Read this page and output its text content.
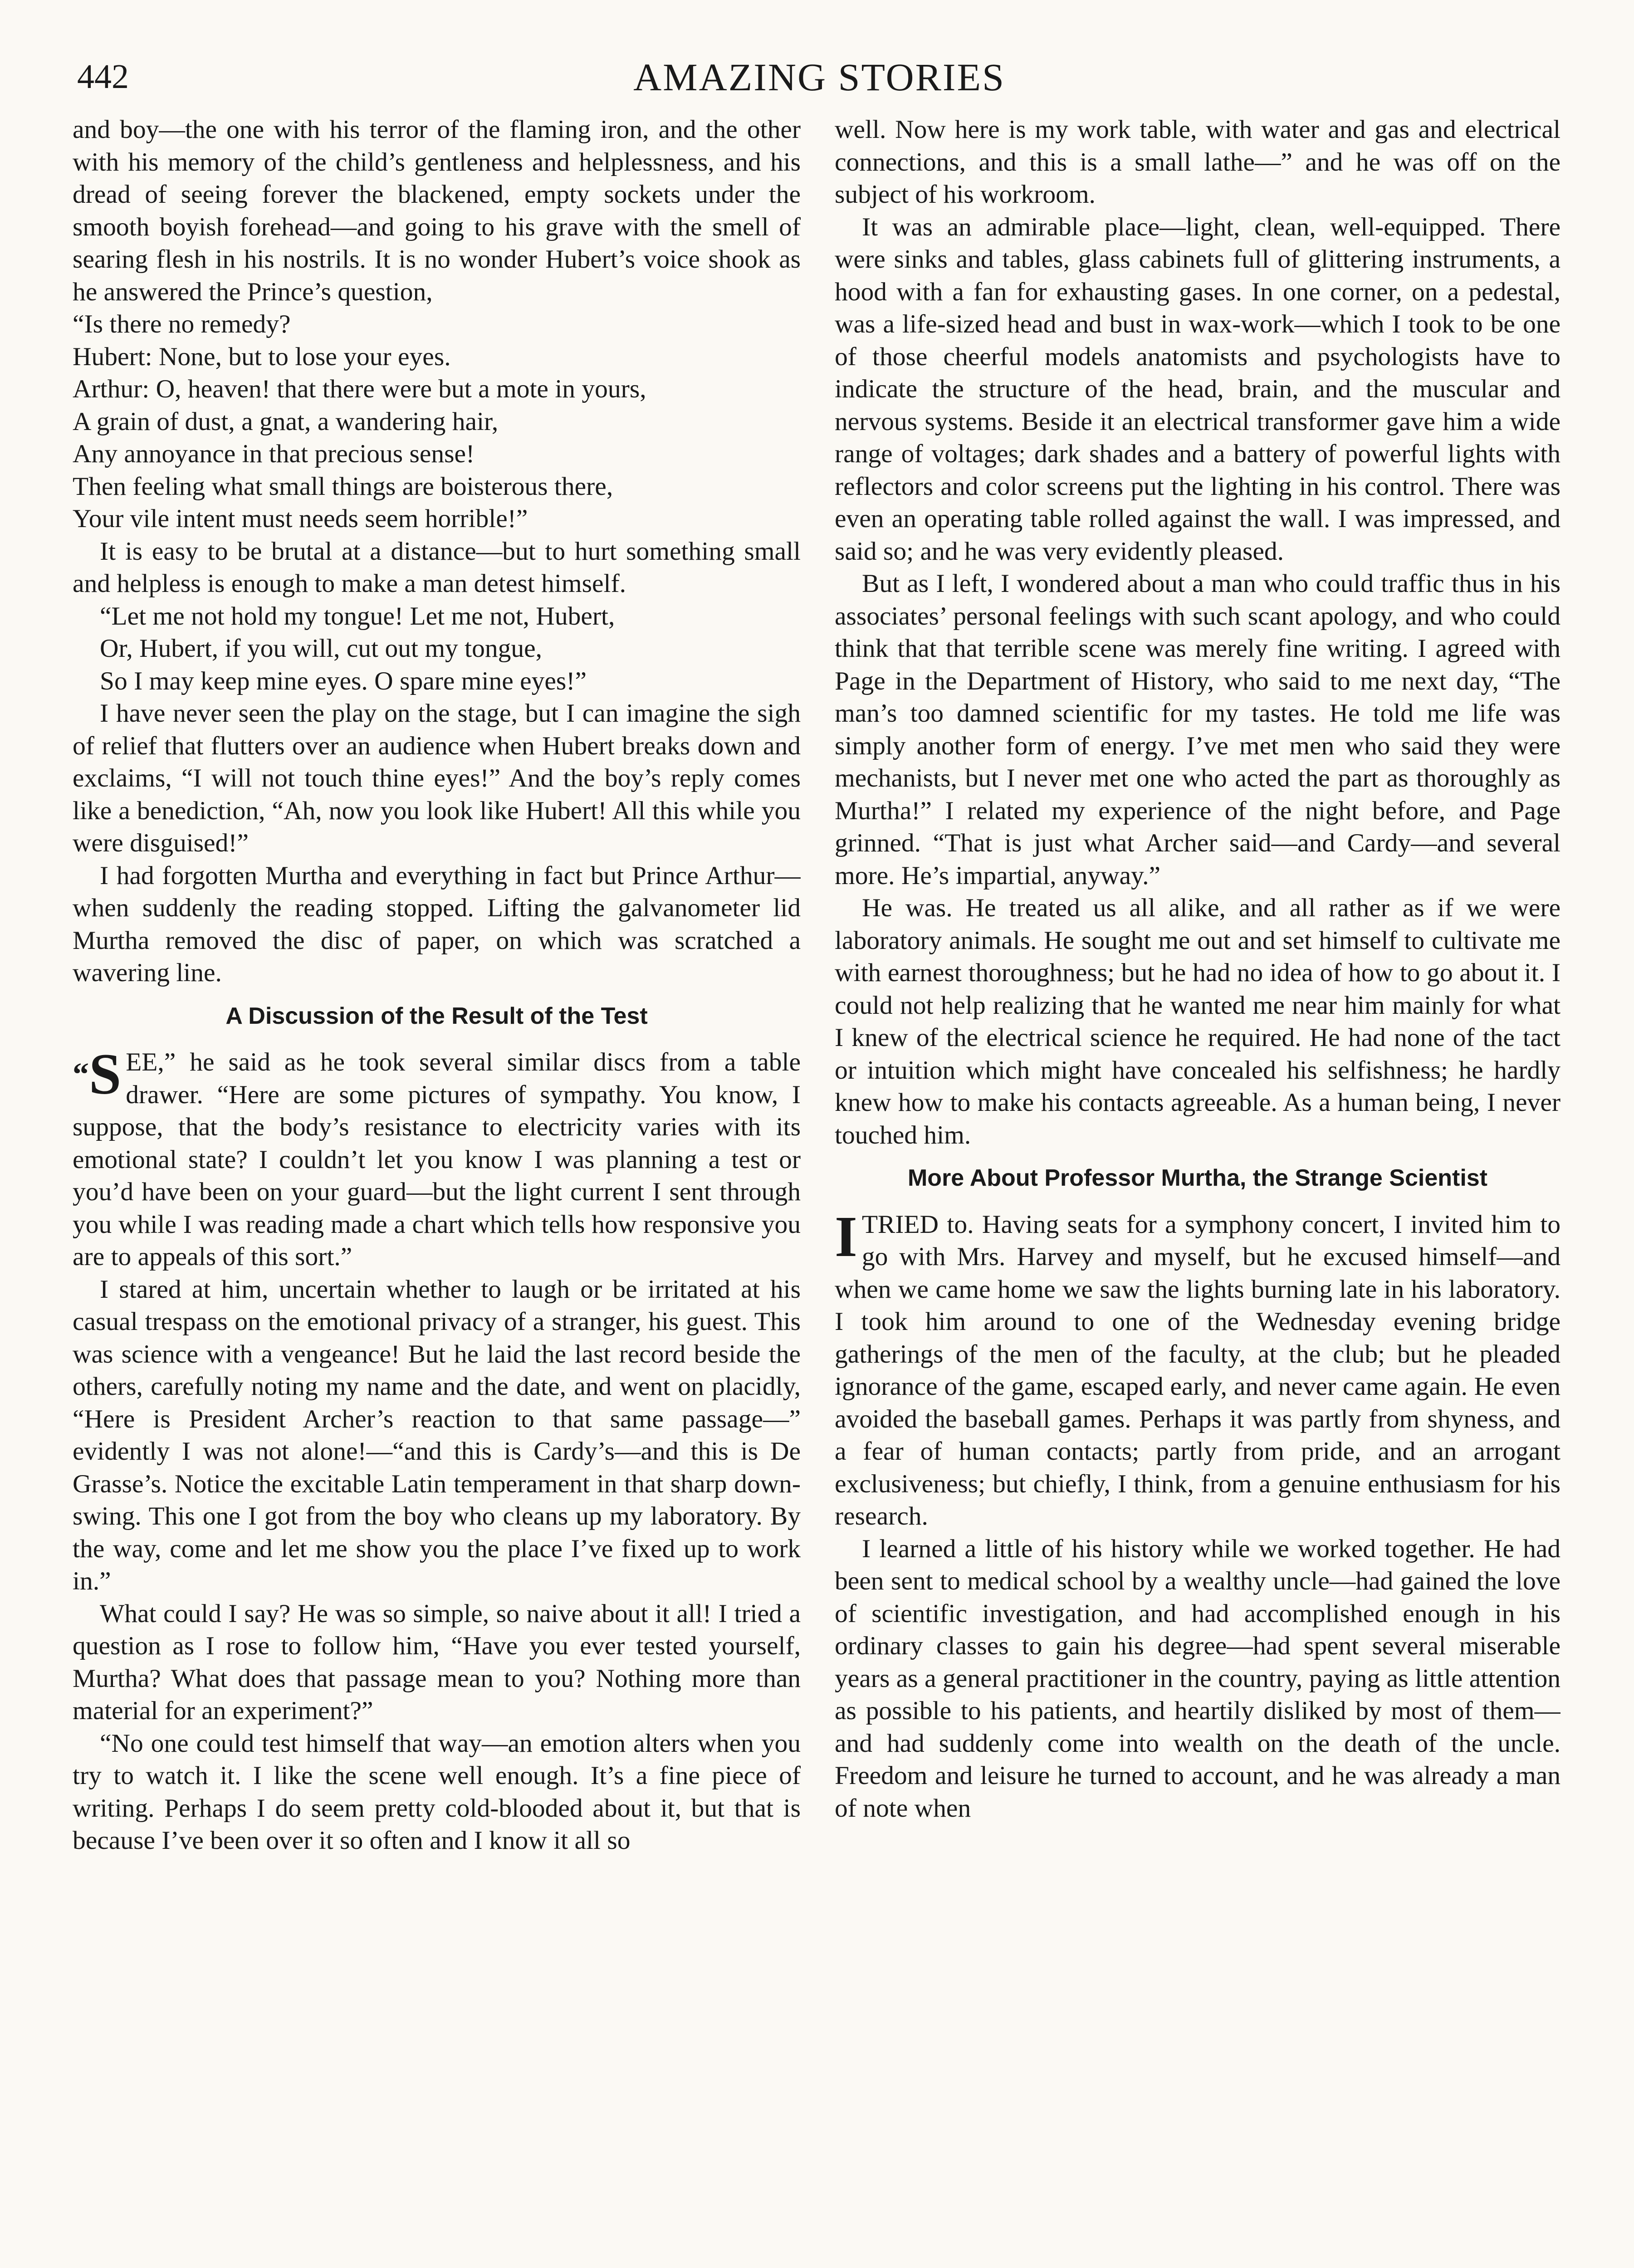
442	AMAZING STORIES

and boy—the one with his terror of the flaming iron, and the other with his memory of the child’s gentleness and helplessness, and his dread of seeing forever the blackened, empty sockets under the smooth boyish forehead—and going to his grave with the smell of searing flesh in his nostrils. It is no wonder Hubert’s voice shook as he answered the Prince’s question,

“Is there no remedy?
Hubert: None, but to lose your eyes.
Arthur: O, heaven! that there were but a mote in yours,
A grain of dust, a gnat, a wandering hair,
Any annoyance in that precious sense!
Then feeling what small things are boisterous there,
Your vile intent must needs seem horrible!”

It is easy to be brutal at a distance—but to hurt something small and helpless is enough to make a man detest himself.

“Let me not hold my tongue! Let me not, Hubert,
Or, Hubert, if you will, cut out my tongue,
So I may keep mine eyes. O spare mine eyes!”

I have never seen the play on the stage, but I can imagine the sigh of relief that flutters over an audience when Hubert breaks down and exclaims, “I will not touch thine eyes!” And the boy’s reply comes like a benediction, “Ah, now you look like Hubert! All this while you were disguised!”

I had forgotten Murtha and everything in fact but Prince Arthur—when suddenly the reading stopped. Lifting the galvanometer lid Murtha removed the disc of paper, on which was scratched a wavering line.

A Discussion of the Result of the Test

“S EE,” he said as he took several similar discs from a table drawer. “Here are some pictures of sympathy. You know, I suppose, that the body’s resistance to electricity varies with its emotional state? I couldn’t let you know I was planning a test or you’d have been on your guard—but the light current I sent through you while I was reading made a chart which tells how responsive you are to appeals of this sort.”

I stared at him, uncertain whether to laugh or be irritated at his casual trespass on the emotional privacy of a stranger, his guest. This was science with a vengeance! But he laid the last record beside the others, carefully noting my name and the date, and went on placidly, “Here is President Archer’s reaction to that same passage—” evidently I was not alone!—“and this is Cardy’s—and this is De Grasse’s. Notice the excitable Latin temperament in that sharp down-swing. This one I got from the boy who cleans up my laboratory. By the way, come and let me show you the place I’ve fixed up to work in.”

What could I say? He was so simple, so naive about it all! I tried a question as I rose to follow him, “Have you ever tested yourself, Murtha? What does that passage mean to you? Nothing more than material for an experiment?”

“No one could test himself that way—an emotion alters when you try to watch it. I like the scene well enough. It’s a fine piece of writing. Perhaps I do seem pretty cold-blooded about it, but that is because I’ve been over it so often and I know it all so

well. Now here is my work table, with water and gas and electrical connections, and this is a small lathe—” and he was off on the subject of his workroom.

It was an admirable place—light, clean, well-equipped. There were sinks and tables, glass cabinets full of glittering instruments, a hood with a fan for exhausting gases. In one corner, on a pedestal, was a life-sized head and bust in wax-work—which I took to be one of those cheerful models anatomists and psychologists have to indicate the structure of the head, brain, and the muscular and nervous systems. Beside it an electrical transformer gave him a wide range of voltages; dark shades and a battery of powerful lights with reflectors and color screens put the lighting in his control. There was even an operating table rolled against the wall. I was impressed, and said so; and he was very evidently pleased.

But as I left, I wondered about a man who could traffic thus in his associates’ personal feelings with such scant apology, and who could think that that terrible scene was merely fine writing. I agreed with Page in the Department of History, who said to me next day, “The man’s too damned scientific for my tastes. He told me life was simply another form of energy. I’ve met men who said they were mechanists, but I never met one who acted the part as thoroughly as Murtha!” I related my experience of the night before, and Page grinned. “That is just what Archer said—and Cardy—and several more. He’s impartial, anyway.”

He was. He treated us all alike, and all rather as if we were laboratory animals. He sought me out and set himself to cultivate me with earnest thoroughness; but he had no idea of how to go about it. I could not help realizing that he wanted me near him mainly for what I knew of the electrical science he required. He had none of the tact or intuition which might have concealed his selfishness; he hardly knew how to make his contacts agreeable. As a human being, I never touched him.

More About Professor Murtha, the Strange Scientist

ITRIED to. Having seats for a symphony concert, I invited him to go with Mrs. Harvey and myself, but he excused himself—and when we came home we saw the lights burning late in his laboratory. I took him around to one of the Wednesday evening bridge gatherings of the men of the faculty, at the club; but he pleaded ignorance of the game, escaped early, and never came again. He even avoided the baseball games. Perhaps it was partly from shyness, and a fear of human contacts; partly from pride, and an arrogant exclusiveness; but chiefly, I think, from a genuine enthusiasm for his research.

I learned a little of his history while we worked together. He had been sent to medical school by a wealthy uncle—had gained the love of scientific investigation, and had accomplished enough in his ordinary classes to gain his degree—had spent several miserable years as a general practitioner in the country, paying as little attention as possible to his patients, and heartily disliked by most of them—and had suddenly come into wealth on the death of the uncle. Freedom and leisure he turned to account, and he was already a man of note when
